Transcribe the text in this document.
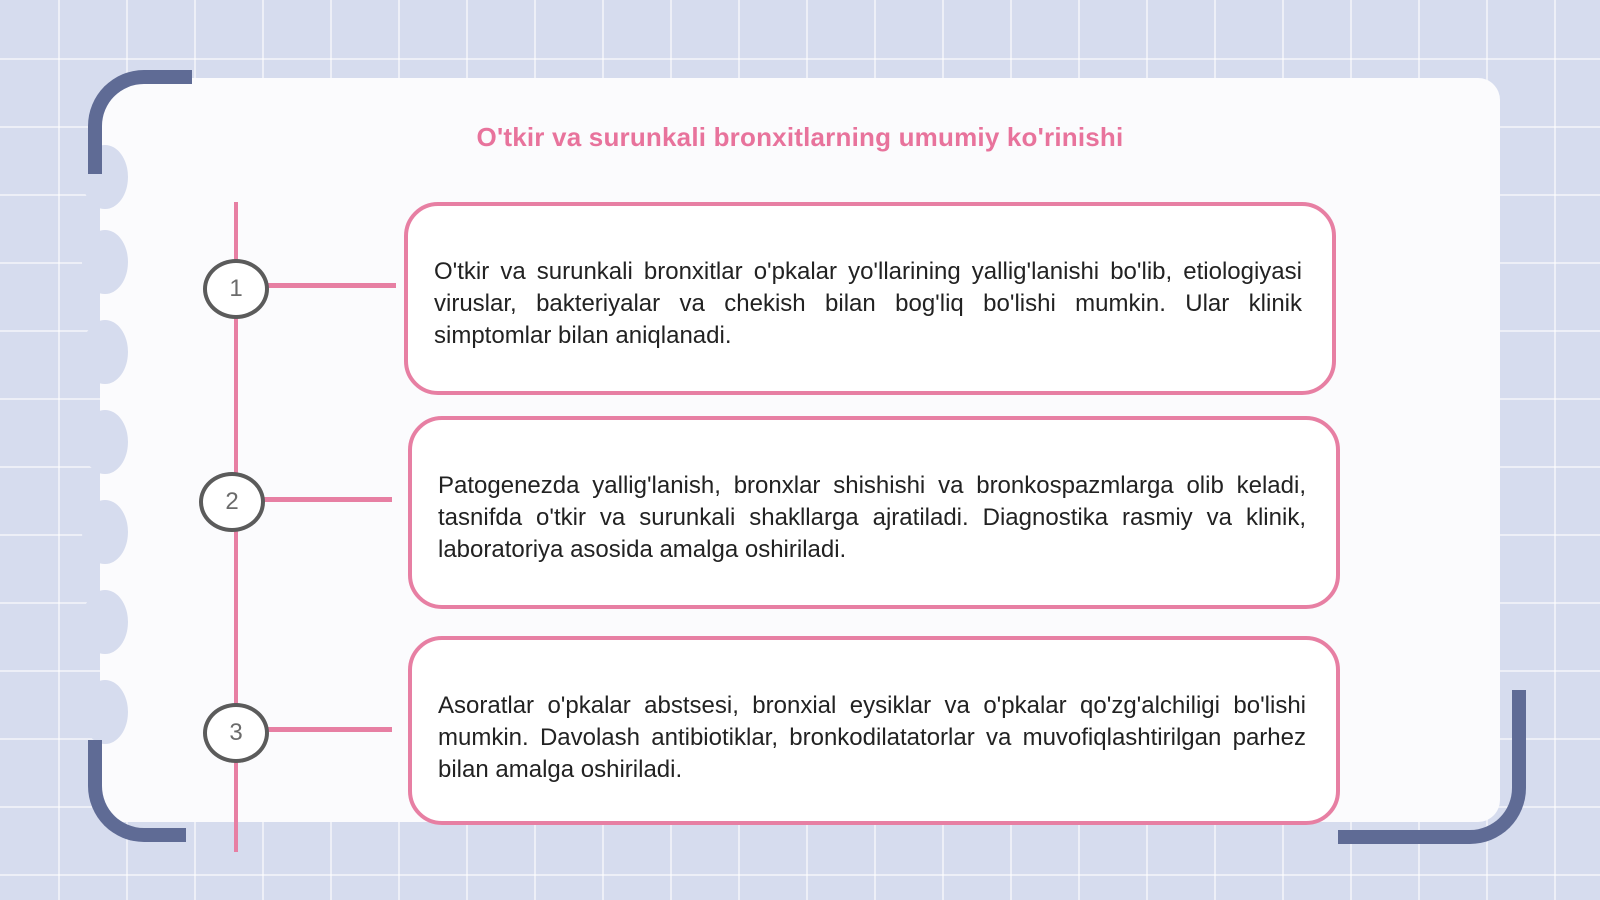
O'tkir va surunkali bronxitlarning umumiy ko'rinishi
1

O'tkir va surunkali bronxitlar o'pkalar yo'llarining yallig'lanishi bo'lib, etiologiyasi viruslar, bakteriyalar va chekish bilan bog'liq bo'lishi mumkin. Ular klinik simptomlar bilan aniqlanadi.

2

Patogenezda yallig'lanish, bronxlar shishishi va bronkospazmlarga olib keladi, tasnifda o'tkir va surunkali shakllarga ajratiladi. Diagnostika rasmiy va klinik, laboratoriya asosida amalga oshiriladi.

3

Asoratlar o'pkalar abstsesi, bronxial eysiklar va o'pkalar qo'zg'alchiligi bo'lishi mumkin. Davolash antibiotiklar, bronkodilatatorlar va muvofiqlashtirilgan parhez bilan amalga oshiriladi.
